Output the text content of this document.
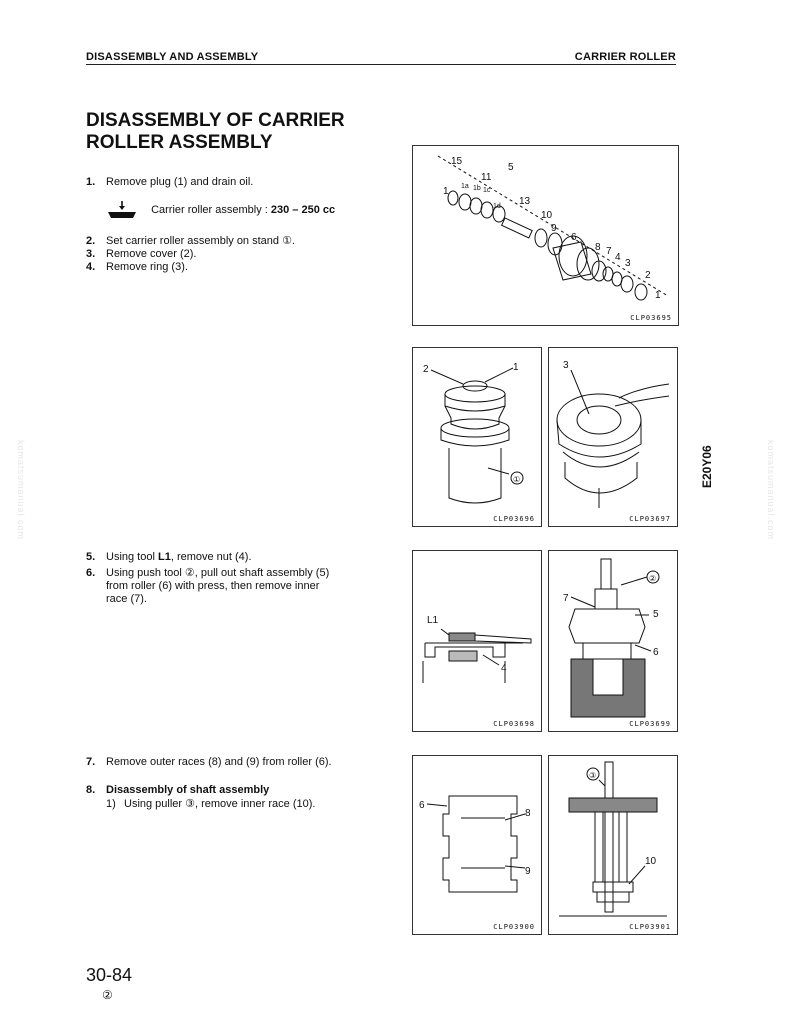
DISASSEMBLY AND ASSEMBLY	CARRIER ROLLER
DISASSEMBLY OF CARRIER
ROLLER ASSEMBLY
1. Remove plug (1) and drain oil.
Carrier roller assembly : 230 – 250 cc
2. Set carrier roller assembly on stand ①.
3. Remove cover (2).
4. Remove ring (3).
5. Using tool L1, remove nut (4).
6. Using push tool ②, pull out shaft assembly (5)
from roller (6) with press, then remove inner
race (7).
7. Remove outer races (8) and (9) from roller (6).
8. Disassembly of shaft assembly
1) Using puller ③, remove inner race (10).
15
5
11
1 1a 1b 1c
1d 13
10
9
6
8 7
4
3
2
1
CLP03695
2	1
①
CLP03696
3
CLP03697
L1
4
CLP03698
②
7
5
6
CLP03699
6
8
9
CLP03900
③
10
CLP03901
E20Y06
komatsumanual.com	komatsumanual.com
30-84
②
